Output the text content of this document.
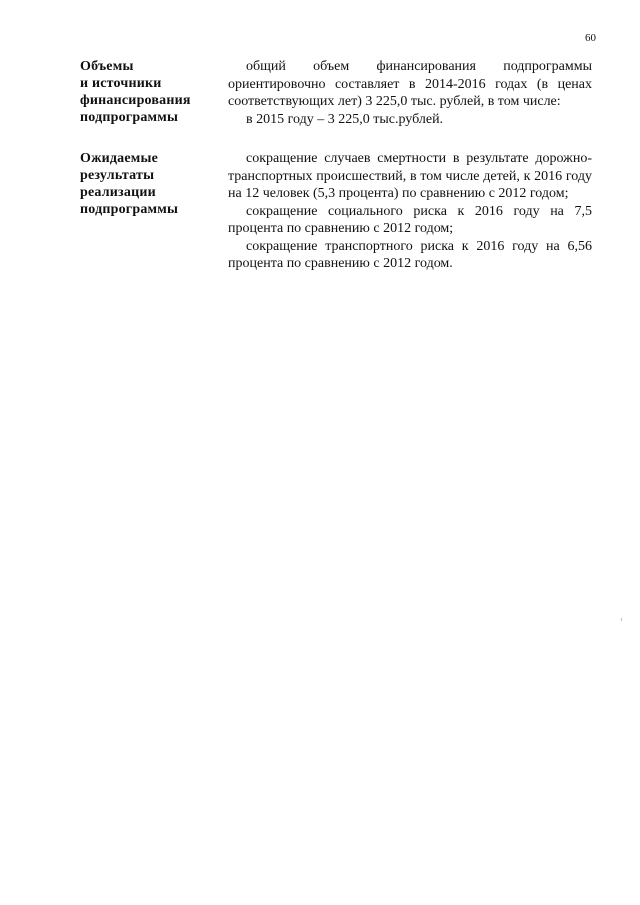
60
Объемы
и источники
финансирования
подпрограммы

общий объем финансирования подпрограммы ориентировочно составляет в 2014-2016 годах (в ценах соответствующих лет) 3 225,0 тыс. рублей, в том числе:

в 2015 году – 3 225,0 тыс.рублей.

Ожидаемые
результаты
реализации
подпрограммы

сокращение случаев смертности в результате дорожно-транспортных происшествий, в том числе детей, к 2016 году на 12 человек (5,3 процента) по сравнению с 2012 годом;

сокращение социального риска к 2016 году на 7,5 процента по сравнению с 2012 годом;

сокращение транспортного риска к 2016 году на 6,56 процента по сравнению с 2012 годом.
